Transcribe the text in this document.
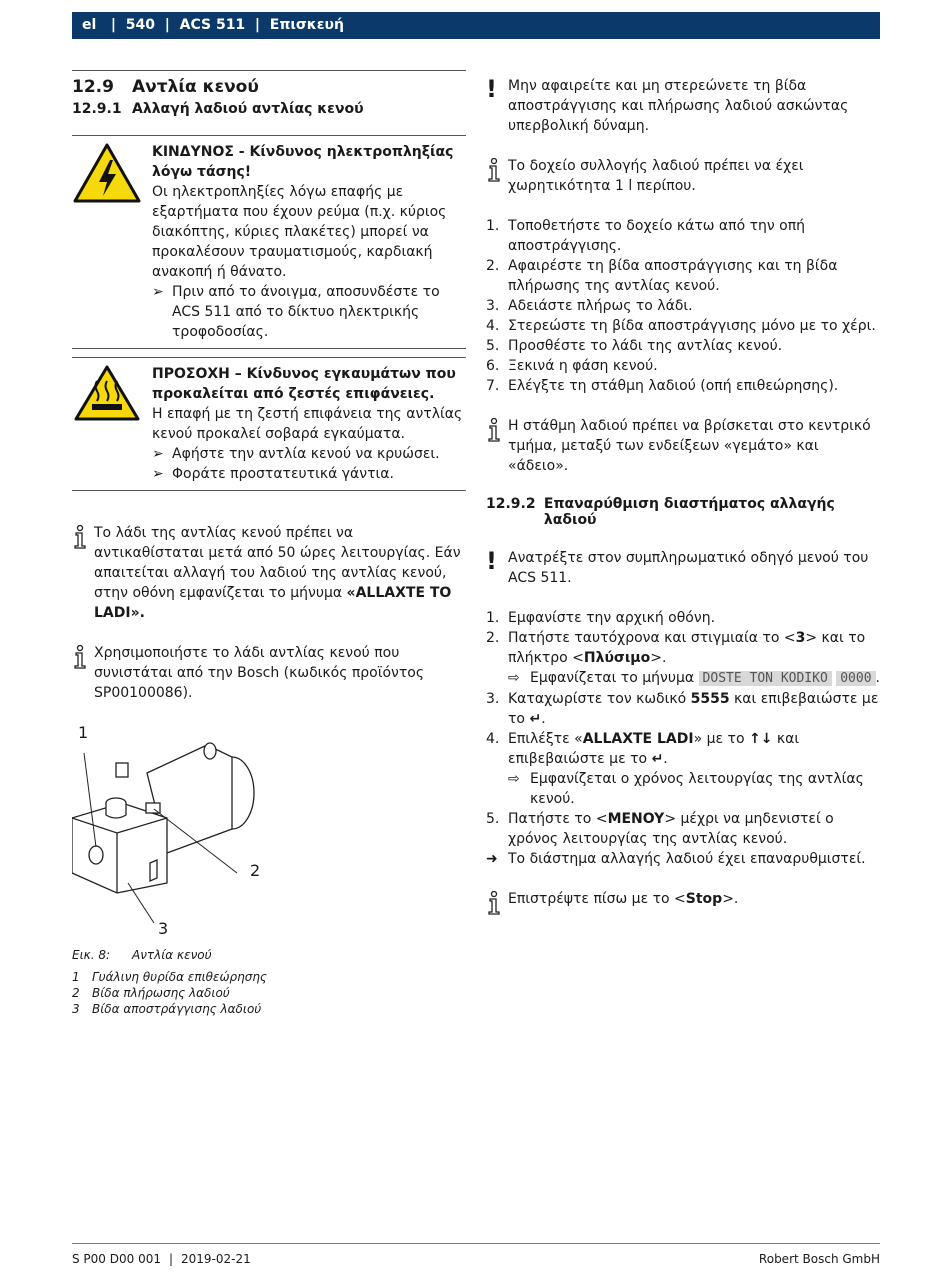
el   |  540  |  ACS 511  |  Επισκευή
12.9	Αντλία κενού
12.9.1 Αλλαγή λαδιού αντλίας κενού
ΚΙΝΔΥΝΟΣ - Κίνδυνος ηλεκτροπληξίας λόγω τάσης!
Οι ηλεκτροπληξίες λόγω επαφής με εξαρτήματα που έχουν ρεύμα (π.χ. κύριος διακόπτης, κύριες πλακέτες) μπορεί να προκαλέσουν τραυματισμούς, καρδιακή ανακοπή ή θάνατο.
➢ Πριν από το άνοιγμα, αποσυνδέστε το ACS 511 από το δίκτυο ηλεκτρικής τροφοδοσίας.
ΠΡΟΣΟΧΗ – Κίνδυνος εγκαυμάτων που προκαλείται από ζεστές επιφάνειες.
Η επαφή με τη ζεστή επιφάνεια της αντλίας κενού προκαλεί σοβαρά εγκαύματα.
➢ Αφήστε την αντλία κενού να κρυώσει.
➢ Φοράτε προστατευτικά γάντια.
Το λάδι της αντλίας κενού πρέπει να αντικαθίσταται μετά από 50 ώρες λειτουργίας. Εάν απαιτείται αλλαγή του λαδιού της αντλίας κενού, στην οθόνη εμφανίζεται το μήνυμα «ALLAXTE TO LADI».
Χρησιμοποιήστε το λάδι αντλίας κενού που συνιστάται από την Bosch (κωδικός προϊόντος SP00100086).
1
2
3
Εικ. 8: Αντλία κενού
1	Γυάλινη θυρίδα επιθεώρησης
2	Βίδα πλήρωσης λαδιού
3	Βίδα αποστράγγισης λαδιού
! Μην αφαιρείτε και μη στερεώνετε τη βίδα αποστράγγισης και πλήρωσης λαδιού ασκώντας υπερβολική δύναμη.
Το δοχείο συλλογής λαδιού πρέπει να έχει χωρητικότητα 1 l περίπου.
1. Τοποθετήστε το δοχείο κάτω από την οπή αποστράγγισης.
2. Αφαιρέστε τη βίδα αποστράγγισης και τη βίδα πλήρωσης της αντλίας κενού.
3. Αδειάστε πλήρως το λάδι.
4. Στερεώστε τη βίδα αποστράγγισης μόνο με το χέρι.
5. Προσθέστε το λάδι της αντλίας κενού.
6. Ξεκινά η φάση κενού.
7. Ελέγξτε τη στάθμη λαδιού (οπή επιθεώρησης).
Η στάθμη λαδιού πρέπει να βρίσκεται στο κεντρικό τμήμα, μεταξύ των ενδείξεων «γεμάτο» και «άδειο».
12.9.2 Επαναρύθμιση διαστήματος αλλαγής λαδιού
! Ανατρέξτε στον συμπληρωματικό οδηγό μενού του ACS 511.
1. Εμφανίστε την αρχική οθόνη.
2. Πατήστε ταυτόχρονα και στιγμιαία το <3> και το πλήκτρο <Πλύσιμο>.
⇨ Εμφανίζεται το μήνυμα DOSTE TON KODIKO 0000 .
3. Καταχωρίστε τον κωδικό 5555 και επιβεβαιώστε με το ↵.
4. Επιλέξτε «ALLAXTE LADI» με το ↑↓ και επιβεβαιώστε με το ↵.
⇨ Εμφανίζεται ο χρόνος λειτουργίας της αντλίας κενού.
5. Πατήστε το <MENOY> μέχρι να μηδενιστεί ο χρόνος λειτουργίας της αντλίας κενού.
➜ Το διάστημα αλλαγής λαδιού έχει επαναρυθμιστεί.
Επιστρέψτε πίσω με το <Stop>.
S P00 D00 001 | 2019-02-21	Robert Bosch GmbH
